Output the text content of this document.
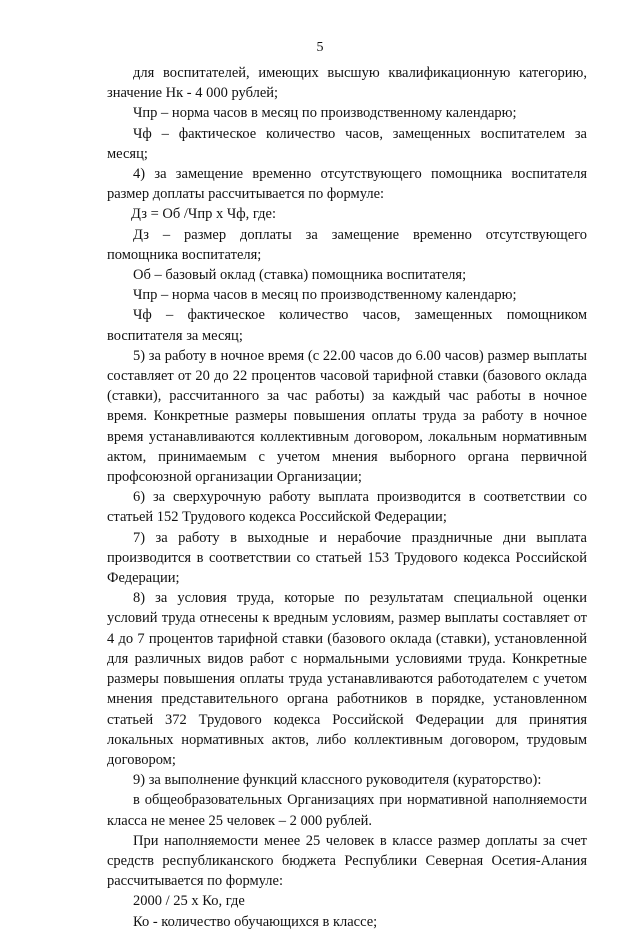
5

для воспитателей, имеющих высшую квалификационную категорию, значение Нк - 4 000 рублей;

Чпр – норма часов в месяц по производственному календарю;

Чф – фактическое количество часов, замещенных воспитателем за месяц;

4) за замещение временно отсутствующего помощника воспитателя размер доплаты рассчитывается по формуле:

Дз = Об /Чпр х Чф, где:

Дз – размер доплаты за замещение временно отсутствующего помощника воспитателя;

Об – базовый оклад (ставка) помощника воспитателя;

Чпр – норма часов в месяц по производственному календарю;

Чф – фактическое количество часов, замещенных помощником воспитателя за месяц;

5) за работу в ночное время (с 22.00 часов до 6.00 часов) размер выплаты составляет от 20 до 22 процентов часовой тарифной ставки (базового оклада (ставки), рассчитанного за час работы) за каждый час работы в ночное время. Конкретные размеры повышения оплаты труда за работу в ночное время устанавливаются коллективным договором, локальным нормативным актом, принимаемым с учетом мнения выборного органа первичной профсоюзной организации Организации;

6) за сверхурочную работу выплата производится в соответствии со статьей 152 Трудового кодекса Российской Федерации;

7) за работу в выходные и нерабочие праздничные дни выплата производится в соответствии со статьей 153 Трудового кодекса Российской Федерации;

8) за условия труда, которые по результатам специальной оценки условий труда отнесены к вредным условиям, размер выплаты составляет от 4 до 7 процентов тарифной ставки (базового оклада (ставки), установленной для различных видов работ с нормальными условиями труда. Конкретные размеры повышения оплаты труда устанавливаются работодателем с учетом мнения представительного органа работников в порядке, установленном статьей 372 Трудового кодекса Российской Федерации для принятия локальных нормативных актов, либо коллективным договором, трудовым договором;

9) за выполнение функций классного руководителя (кураторство):

в общеобразовательных Организациях при нормативной наполняемости класса не менее 25 человек – 2 000 рублей.

При наполняемости менее 25 человек в классе размер доплаты за счет средств республиканского бюджета Республики Северная Осетия-Алания рассчитывается по формуле:

2000 / 25 х Ко, где

Ко - количество обучающихся в классе;
